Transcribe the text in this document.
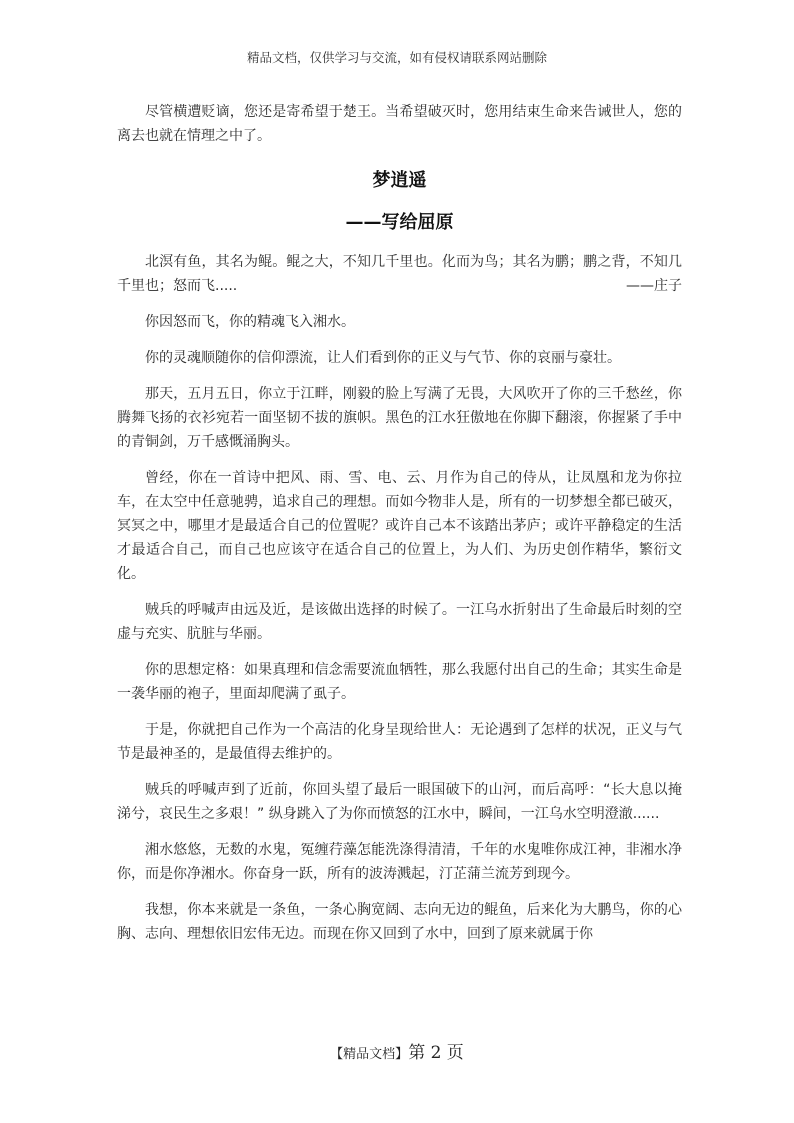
精品文档，仅供学习与交流，如有侵权请联系网站删除

尽管横遭贬谪，您还是寄希望于楚王。当希望破灭时，您用结束生命来告诫世人，您的离去也就在情理之中了。

梦逍遥
——写给屈原

北溟有鱼，其名为鲲。鲲之大，不知几千里也。化而为鸟；其名为鹏；鹏之背，不知几千里也；怒而飞.....	——庄子

你因怒而飞，你的精魂飞入湘水。

你的灵魂顺随你的信仰漂流，让人们看到你的正义与气节、你的哀丽与豪壮。

那天，五月五日，你立于江畔，刚毅的脸上写满了无畏，大风吹开了你的三千愁丝，你腾舞飞扬的衣衫宛若一面坚韧不拔的旗帜。黑色的江水狂傲地在你脚下翻滚，你握紧了手中的青铜剑，万千感慨涌胸头。

曾经，你在一首诗中把风、雨、雪、电、云、月作为自己的侍从，让凤凰和龙为你拉车，在太空中任意驰骋，追求自己的理想。而如今物非人是，所有的一切梦想全都已破灭，冥冥之中，哪里才是最适合自己的位置呢？或许自己本不该踏出茅庐；或许平静稳定的生活才最适合自己，而自己也应该守在适合自己的位置上，为人们、为历史创作精华，繁衍文化。

贼兵的呼喊声由远及近，是该做出选择的时候了。一江乌水折射出了生命最后时刻的空虚与充实、肮脏与华丽。

你的思想定格：如果真理和信念需要流血牺牲，那么我愿付出自己的生命；其实生命是一袭华丽的袍子，里面却爬满了虱子。

于是，你就把自己作为一个高洁的化身呈现给世人：无论遇到了怎样的状况，正义与气节是最神圣的，是最值得去维护的。

贼兵的呼喊声到了近前，你回头望了最后一眼国破下的山河，而后高呼：“长大息以掩涕兮，哀民生之多艰！” 纵身跳入了为你而愤怒的江水中，瞬间，一江乌水空明澄澈......

湘水悠悠，无数的水鬼，冤缠荇藻怎能洗涤得清清，千年的水鬼唯你成江神，非湘水净你，而是你净湘水。你奋身一跃，所有的波涛溅起，汀芷蒲兰流芳到现今。

我想，你本来就是一条鱼，一条心胸宽阔、志向无边的鲲鱼，后来化为大鹏鸟，你的心胸、志向、理想依旧宏伟无边。而现在你又回到了水中，回到了原来就属于你

【精品文档】第 2 页
